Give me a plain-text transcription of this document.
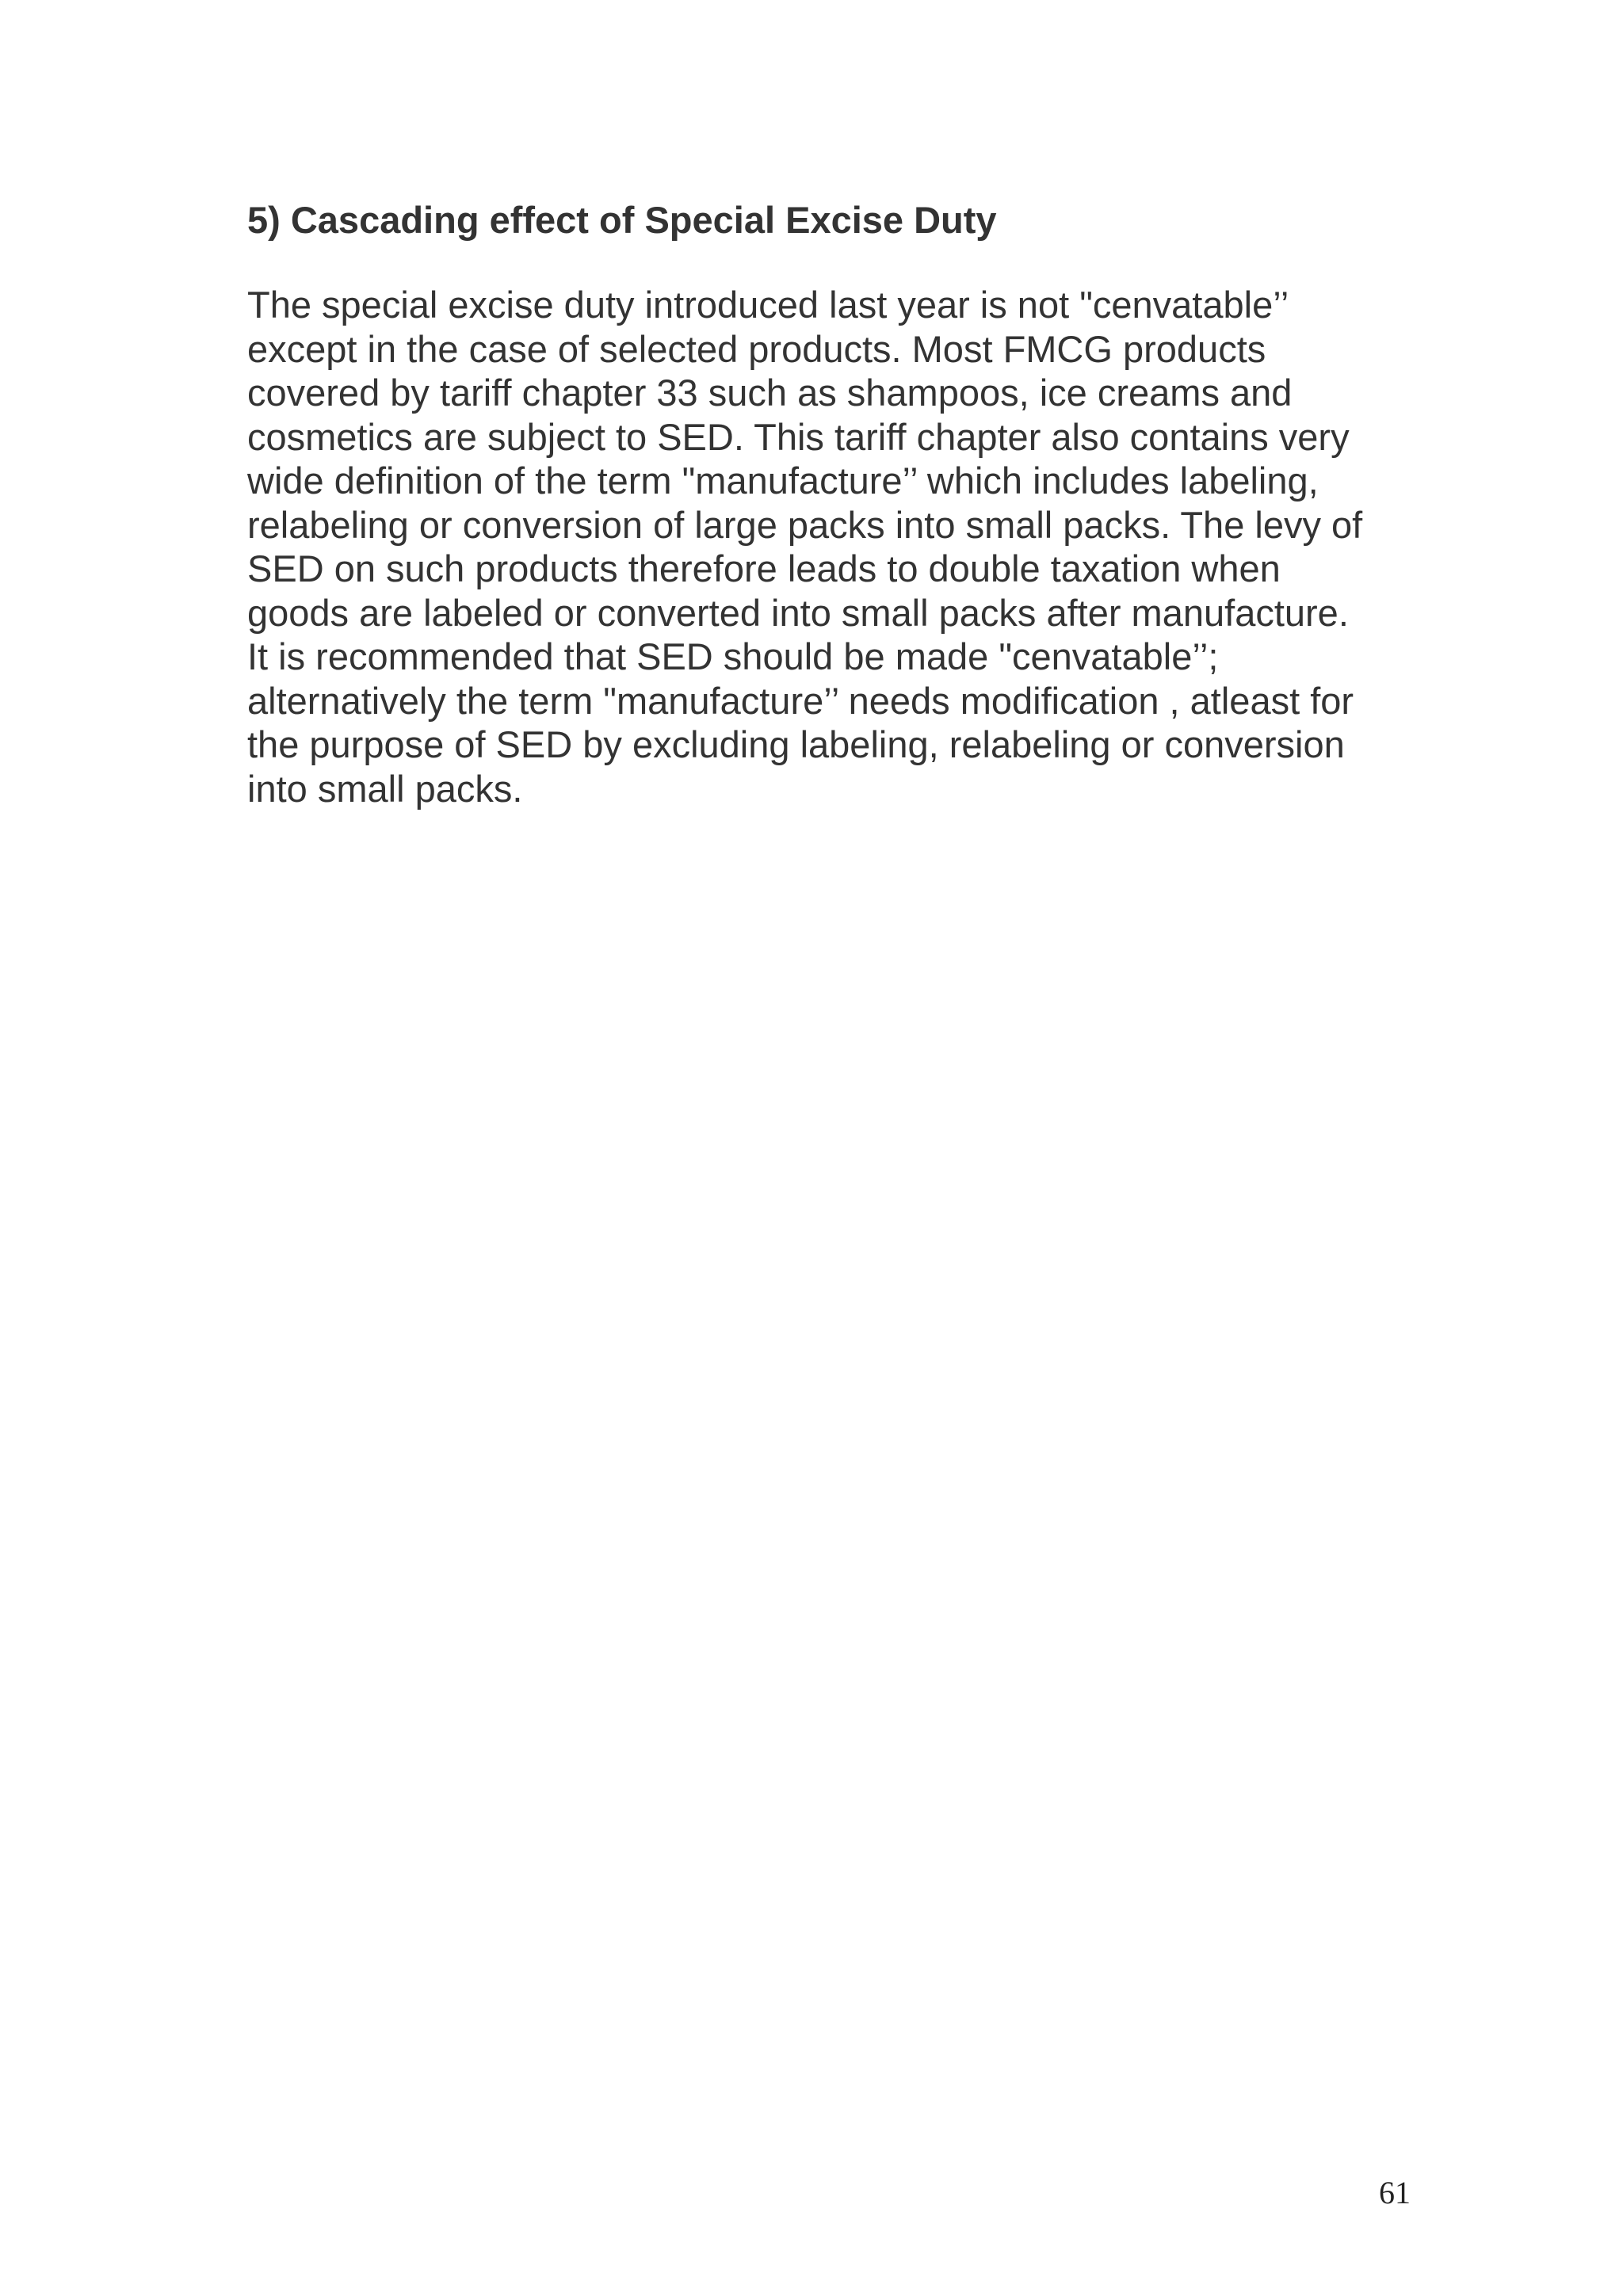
5) Cascading effect of Special Excise Duty

The special excise duty introduced last year is not "cenvatable’’
except in the case of selected products. Most FMCG products
covered by tariff chapter 33 such as shampoos, ice creams and
cosmetics are subject to SED. This tariff chapter also contains very
wide definition of the term "manufacture’’ which includes labeling,
relabeling or conversion of large packs into small packs. The levy of
SED on such products therefore leads to double taxation when
goods are labeled or converted into small packs after manufacture.
It is recommended that SED should be made "cenvatable’’;
alternatively the term "manufacture’’ needs modification , atleast for
the purpose of SED by excluding labeling, relabeling or conversion
into small packs.

61
